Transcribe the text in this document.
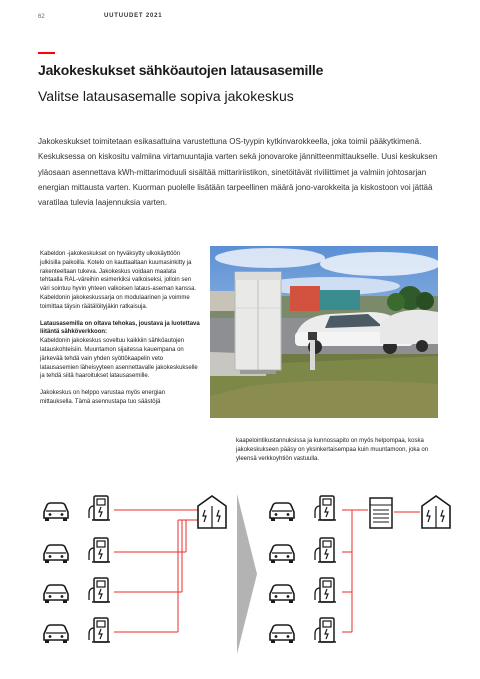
62	UUTUUDET 2021
Jakokeskukset sähköautojen latausasemille
Valitse latausasemalle sopiva jakokeskus
Jakokeskukset toimitetaan esikasattuina varustettuna OS-tyypin kytkinvarokkeella, joka toimii pääkytkimenä. Keskuksessa on kiskositu valmiina virtamuuntajia varten sekä jonovaroke jännitteenmittaukselle. Uusi keskuksen yläosaan asennettava kWh-mittarimoduuli sisältää mittaririistikon, sinetöitävät riviliittimet ja valmiin johtosarjan energian mittausta varten. Kuorman puolelle lisätään tarpeellinen määrä jono-varokkeita ja kiskostoon voi jättää varatilaa tulevia laajennuksia varten.

Kabeldon -jakokeskukset on hyväksytty ulkokäyttöön julkisilla paikoilla. Kotelo on kauttaaltaan kuumasinkitty ja rakenteeltaan tukeva. Jakokeskus voidaan maalata tehtaalla RAL-väreihin esimerkiksi valkoiseksi, jolloin sen väri sointuu hyvin yhteen valkoisen lataus-aseman kanssa. Kabeldonin jakokeskussarja on modulaarinen ja voimme toimittaa täysin räätälöityjäkin ratkaisuja.

Latausasemilla on oltava tehokas, joustava ja luotettava liitäntä sähköverkkoon:
Kabeldonin jakokeskus soveltuu kaikkiin sähköautojen latauskohteisiin. Muuntamon sijaitessa kauempana on järkevää tehdä vain yhden syöttökaapelin veto latausasemien läheisyyteen asennettavalle jakokeskukselle ja tehdä siitä haaroitukset latausasemille.

Jakokeskus on helppo varustaa myös energian mittauksella. Tämä asennustapa tuo säästöjä

kaapelointikustannuksissa ja kunnossapito on myös helpompaa, koska jakokeskukseen pääsy on yksinkertaisempaa kuin muuntamoon, joka on yleensä verkkoyhtiön vastuulla.
